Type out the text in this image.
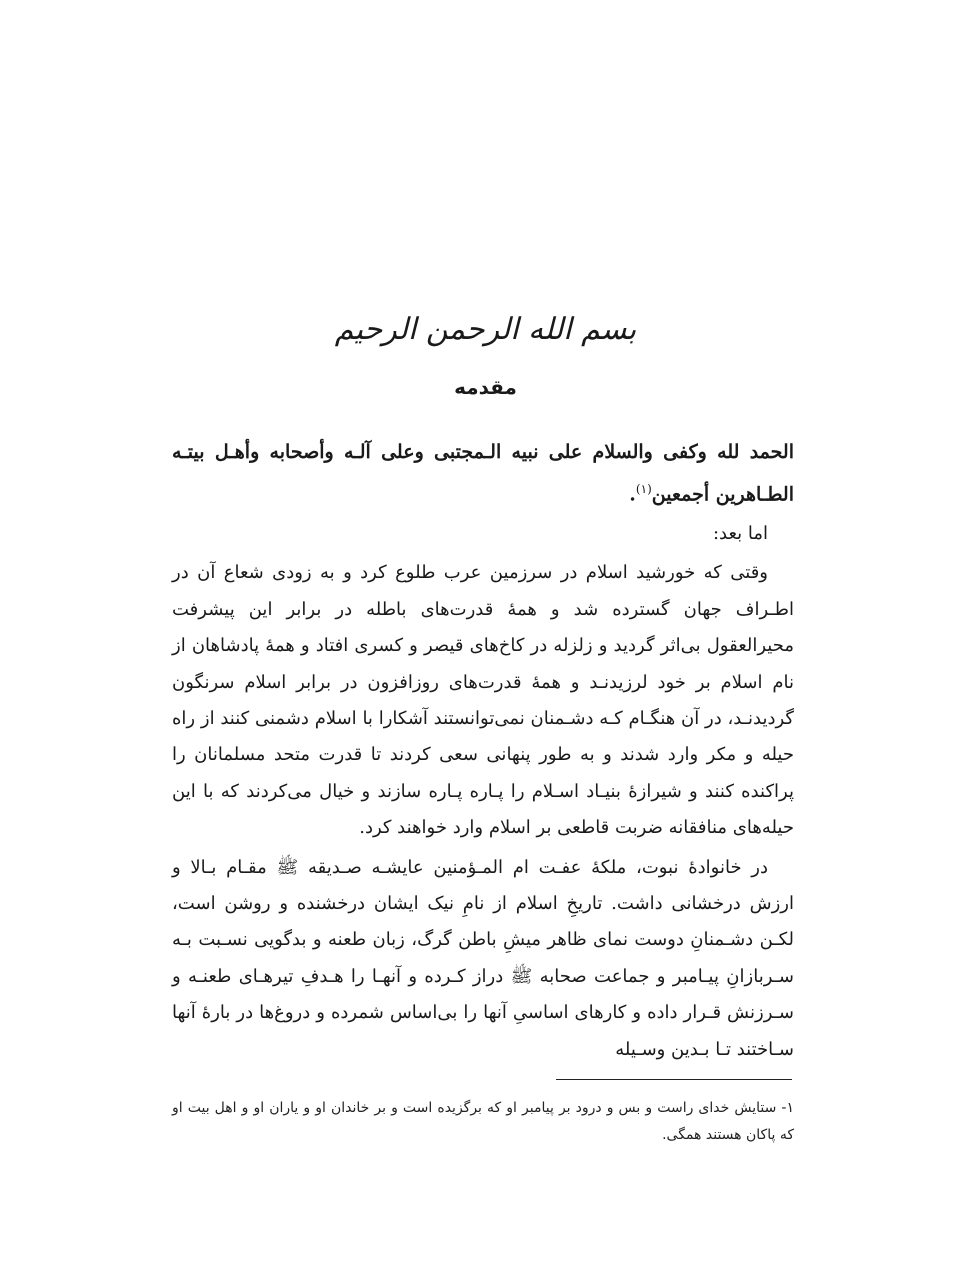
بسم الله الرحمن الرحيم
مقدمه
الحمد لله وكفى والسلام على نبيه الـمجتبى وعلى آلـه وأصحابه وأهـل بيتـه الطـاهرين أجمعين$^{(١)}$.

اما بعد:

وقتی که خورشید اسلام در سرزمین عرب طلوع کرد و به زودی شعاع آن در اطـراف جهان گسترده شد و همۀ قدرت‌های باطله در برابر این پیشرفت محیرالعقول بی‌اثر گردید و زلزله در کاخ‌های قیصر و کسری افتاد و همۀ پادشاهان از نام اسلام بر خود لرزیدنـد و همۀ قدرت‌های روزافزون در برابر اسلام سرنگون گردیدنـد، در آن هنگـام کـه دشـمنان نمی‌توانستند آشکارا با اسلام دشمنی کنند از راه حیله و مکر وارد شدند و به طور پنهانی سعی کردند تا قدرت متحد مسلمانان را پراکنده کنند و شیرازۀ بنیـاد اسـلام را پـاره پـاره سازند و خیال می‌کردند که با این حیله‌های منافقانه ضربت قاطعی بر اسلام وارد خواهند کرد.

در خانوادۀ نبوت، ملکۀ عفـت ام المـؤمنین عایشـه صـدیقه ﷺ مقـام بـالا و ارزش درخشانی داشت. تاریخِ اسلام از نامِ نیک ایشان درخشنده و روشن است، لکـن دشـمنانِ دوست نمای ظاهر میشِ باطن گرگ، زبان طعنه و بدگویی نسـبت بـه سـربازانِ پیـامبر و جماعت صحابه ﷺ دراز کـرده و آنهـا را هـدفِ تیرهـای طعنـه و سـرزنش قـرار داده و کارهای اساسیِ آنها را بی‌اساس شمرده و دروغ‌ها در بارۀ آنها سـاختند تـا بـدین وسـیله

١- ستایش خدای راست و بس و درود بر پیامبر او که برگزیده است و بر خاندان او و یاران او و اهل بیت او که پاکان هستند همگی.
